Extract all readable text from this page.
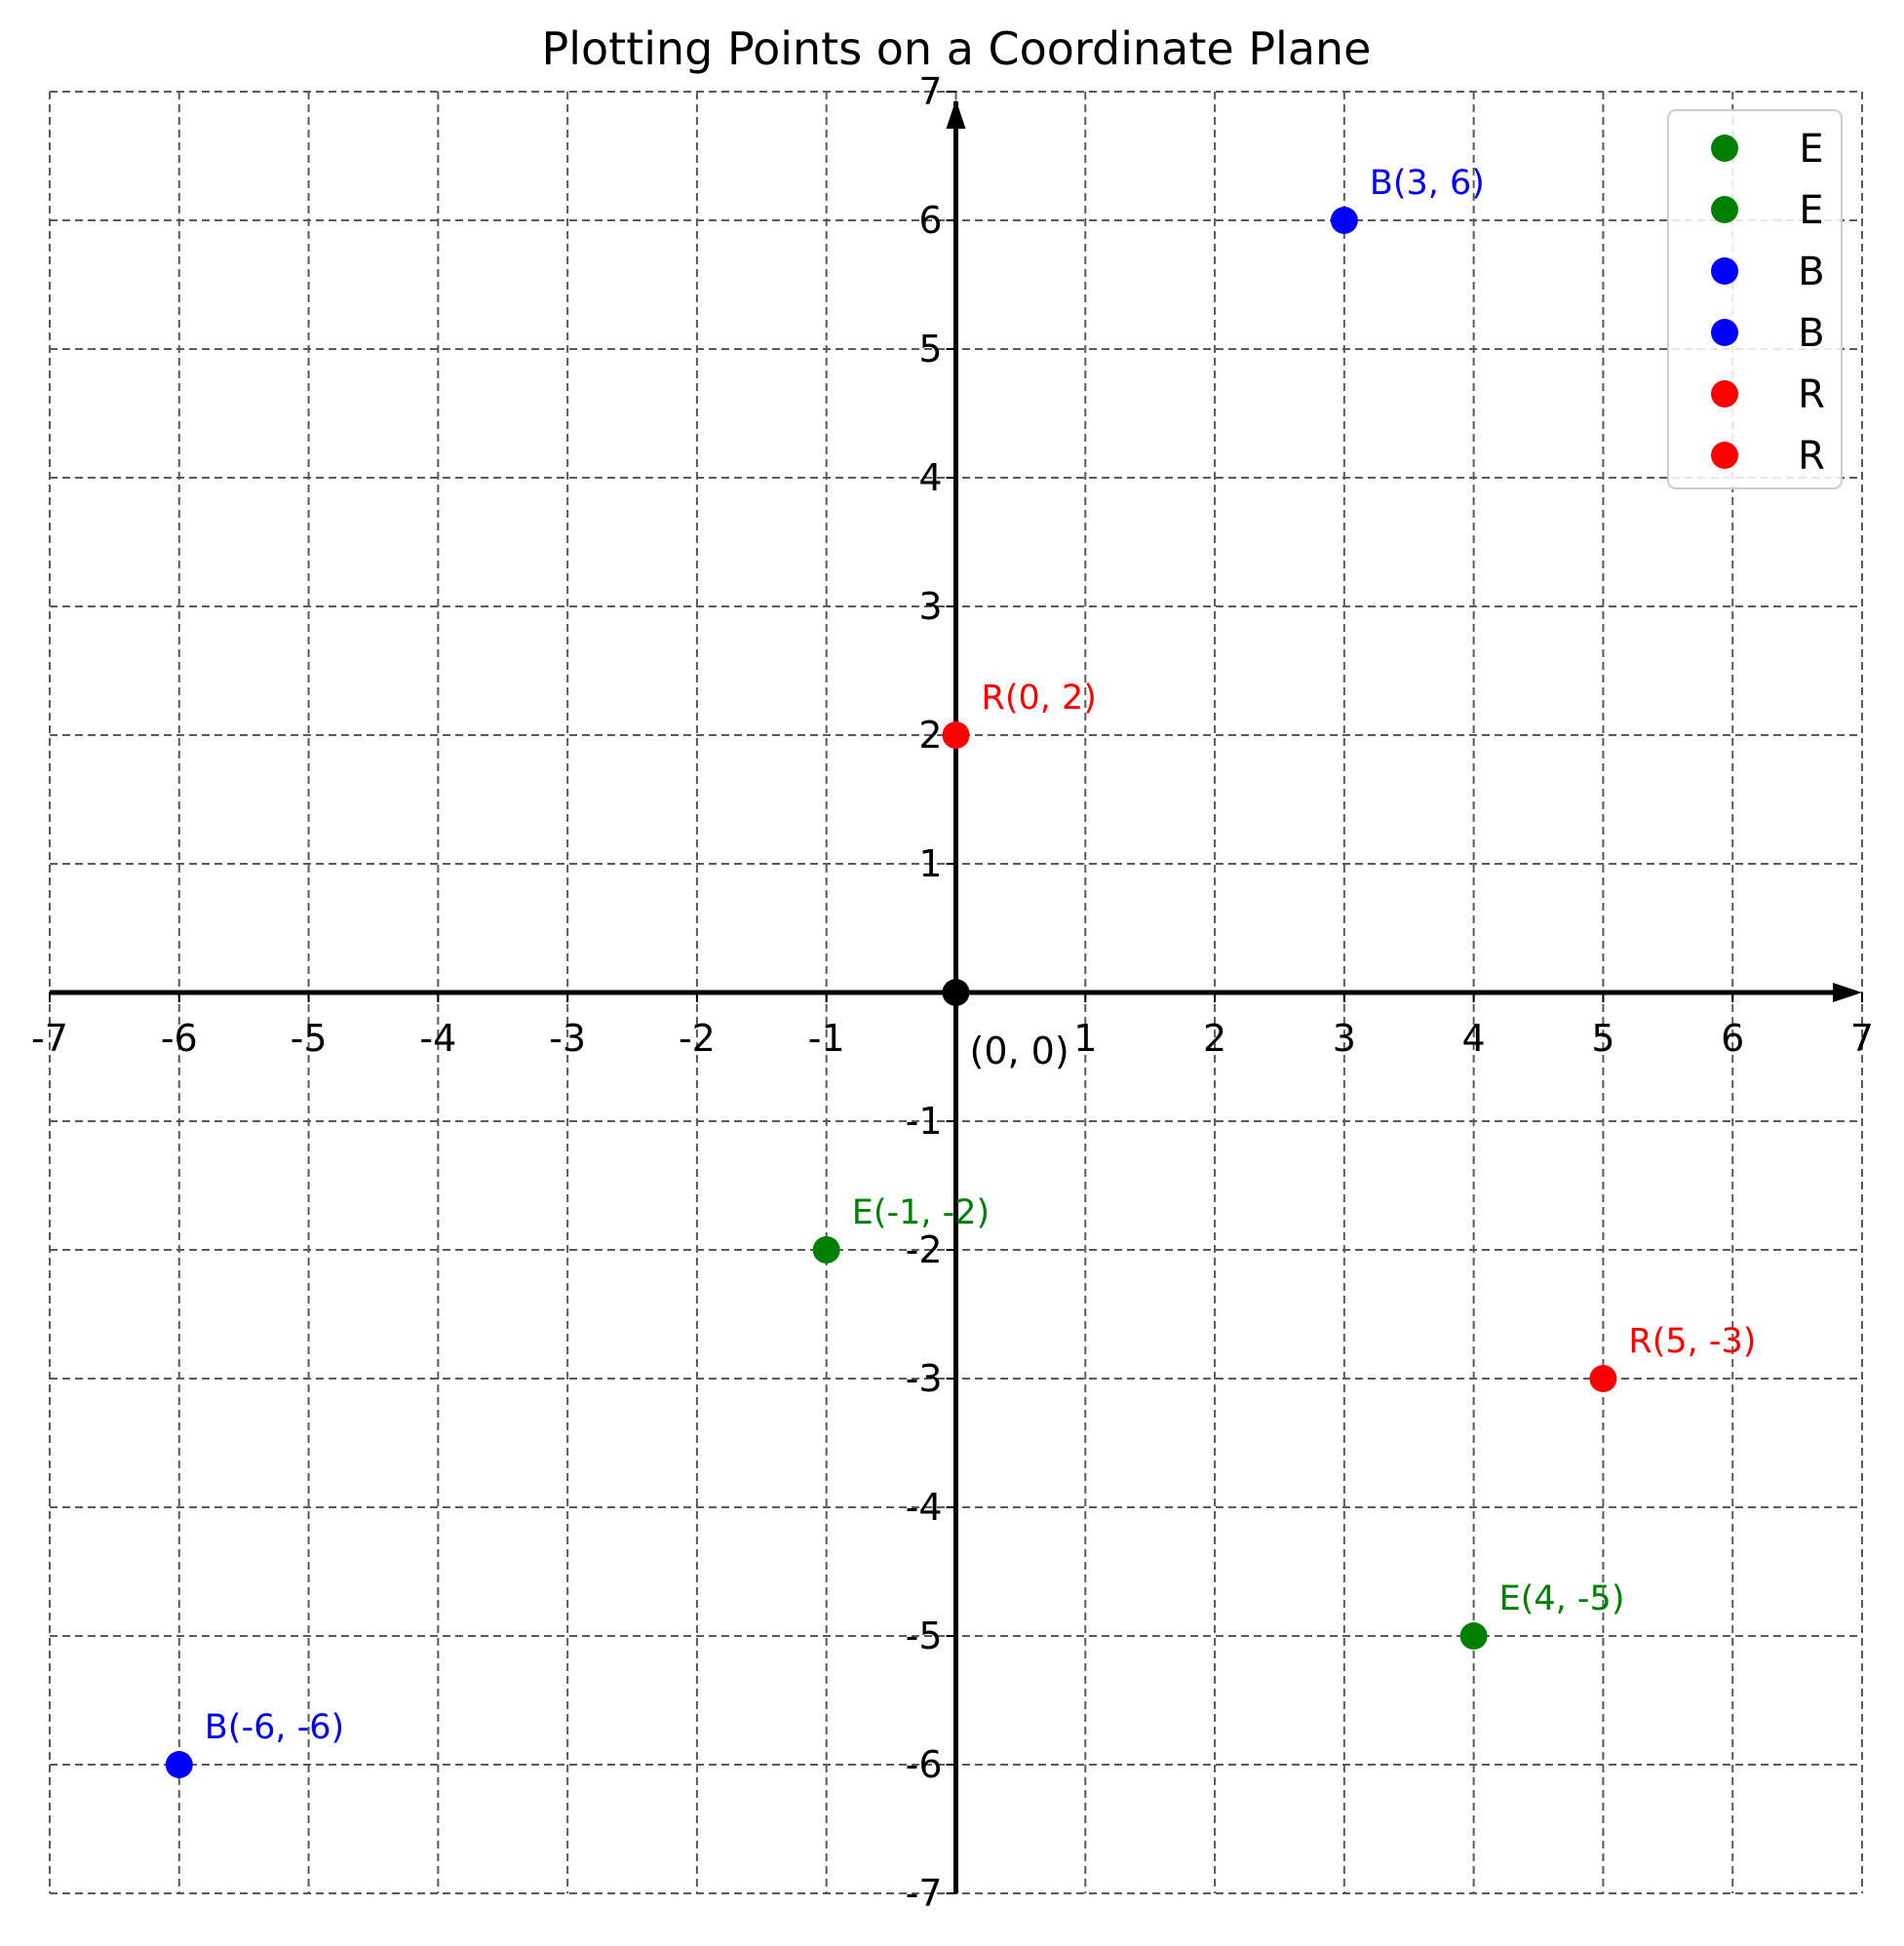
Plotting Points on a Coordinate Plane
-7 -6 -5 -4 -3 -2 -1	1	2	3	4	5	6	7
7
6
5
4
3
2
1
-1
-2
-3
-4
-5
-6
-7
(0, 0)
E(-1, -2)
E(4, -5)
B(3, 6)
B(-6, -6)
R(0, 2)
R(5, -3)
E
E
B
B
R
R
